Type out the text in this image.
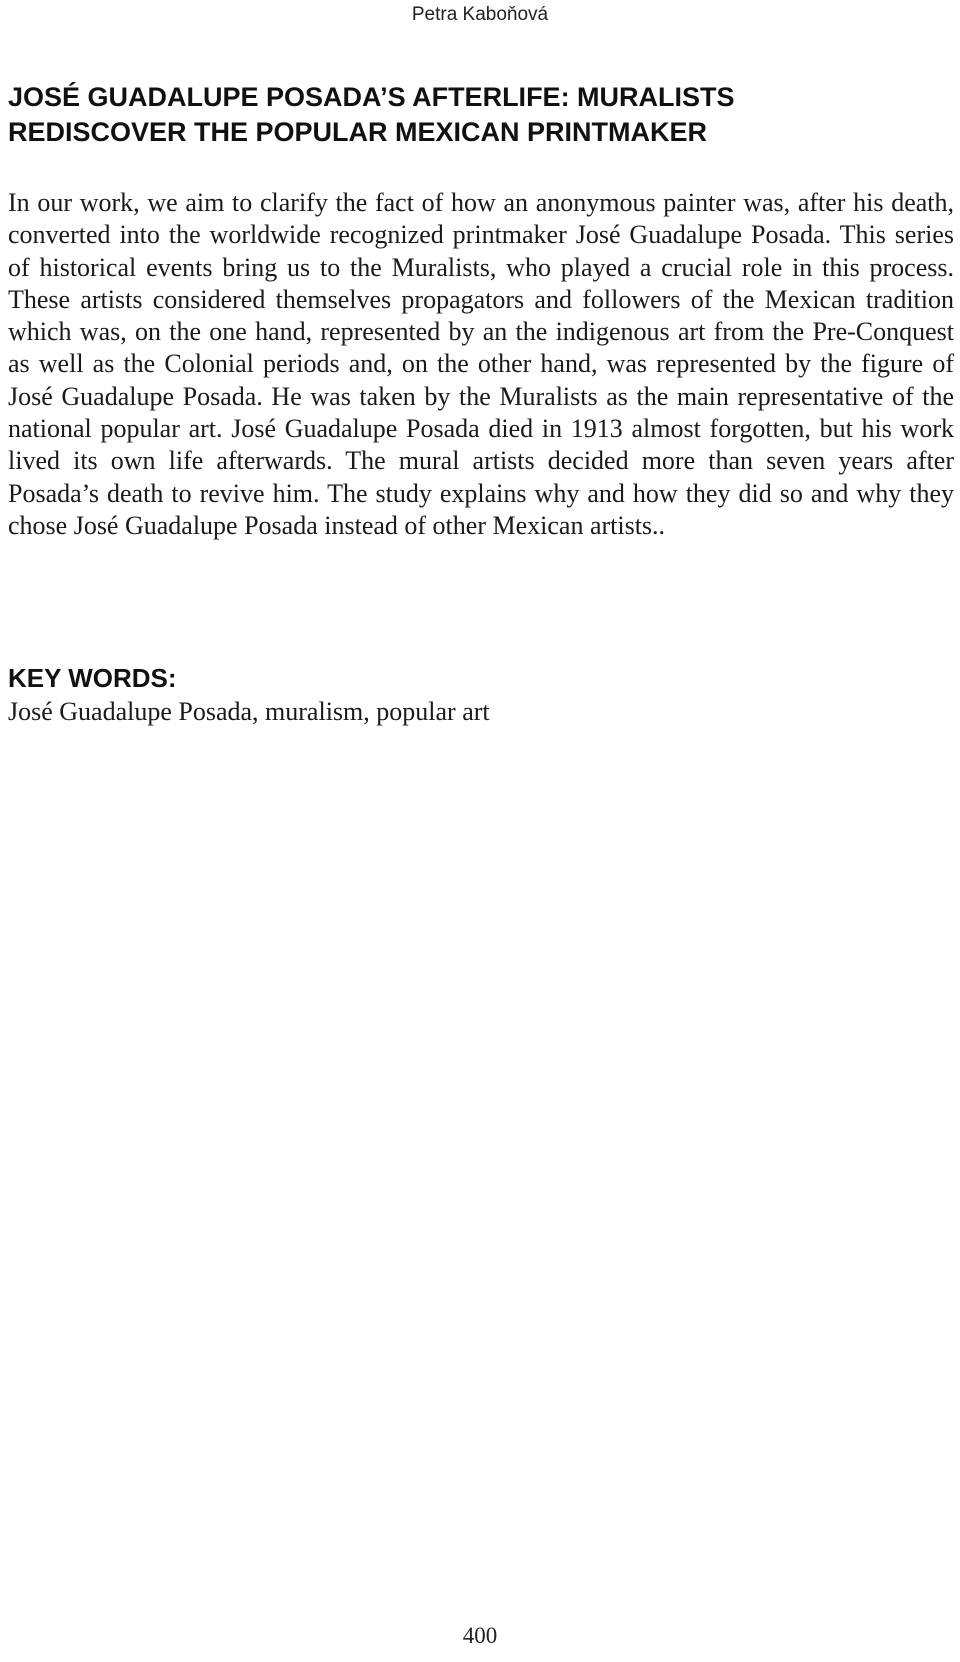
Petra Kaboňová
JOSÉ GUADALUPE POSADA’S AFTERLIFE: MURALISTS
REDISCOVER THE POPULAR MEXICAN PRINTMAKER

In our work, we aim to clarify the fact of how an anonymous painter was, after his death, converted into the worldwide recognized printmaker José Guadalupe Posada. This series of historical events bring us to the Muralists, who played a crucial role in this process. These artists considered themselves propagators and followers of the Mexican tradition which was, on the one hand, represented by an the indigenous art from the Pre-Conquest as well as the Colonial periods and, on the other hand, was represented by the figure of José Guadalupe Posada. He was taken by the Muralists as the main representative of the national popular art. José Guadalupe Posada died in 1913 almost forgotten, but his work lived its own life afterwards. The mural artists decided more than seven years after Posada’s death to revive him. The study explains why and how they did so and why they chose José Guadalupe Posada instead of other Mexican artists..

KEY WORDS:

José Guadalupe Posada, muralism, popular art

400
